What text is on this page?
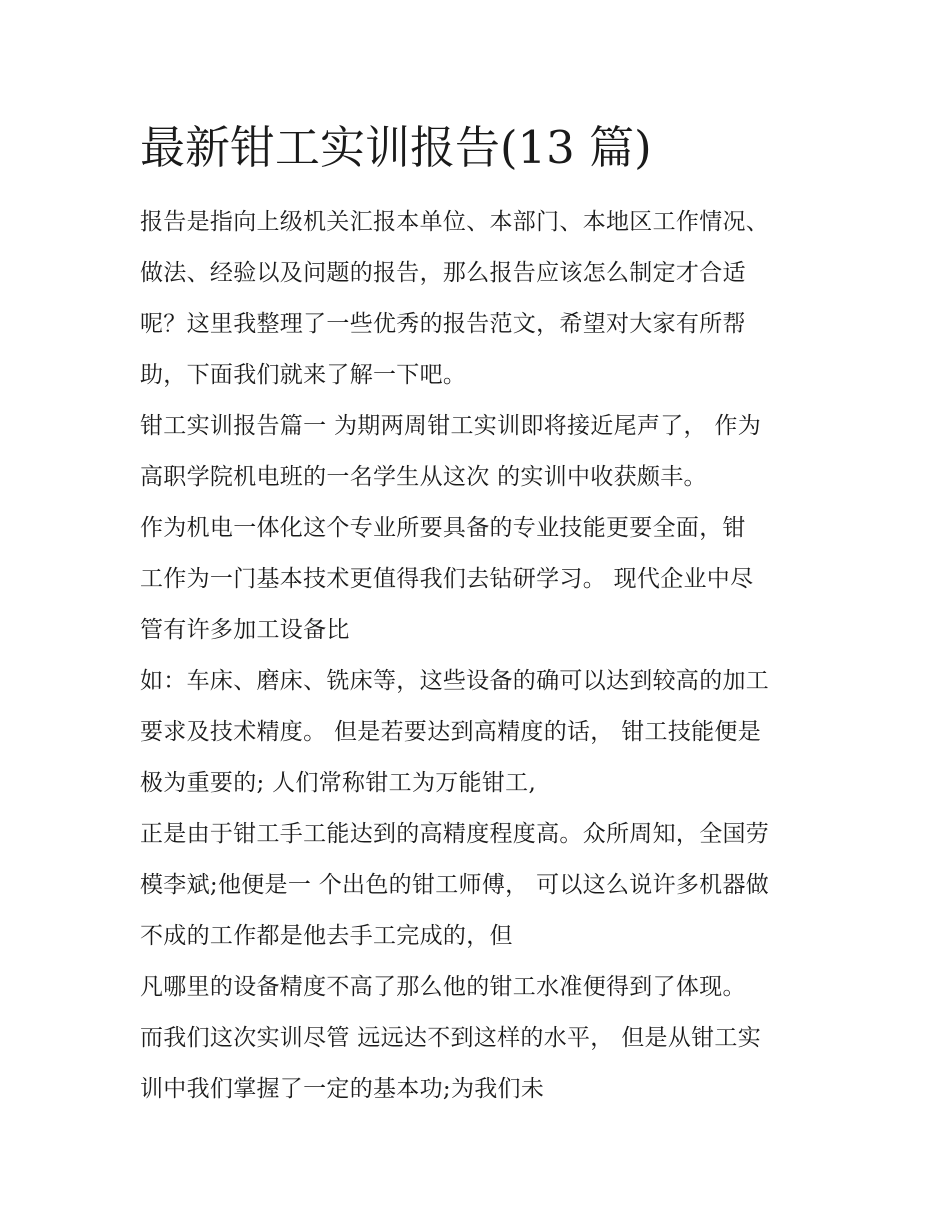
最新钳工实训报告(13 篇)
报告是指向上级机关汇报本单位、本部门、本地区工作情况、
做法、经验以及问题的报告，那么报告应该怎么制定才合适
呢？这里我整理了一些优秀的报告范文，希望对大家有所帮
助，下面我们就来了解一下吧。
钳工实训报告篇一 为期两周钳工实训即将接近尾声了， 作为
高职学院机电班的一名学生从这次 的实训中收获颇丰。
作为机电一体化这个专业所要具备的专业技能更要全面，钳
工作为一门基本技术更值得我们去钻研学习。 现代企业中尽
管有许多加工设备比
如：车床、磨床、铣床等，这些设备的确可以达到较高的加工
要求及技术精度。 但是若要达到高精度的话， 钳工技能便是
极为重要的; 人们常称钳工为万能钳工,
正是由于钳工手工能达到的高精度程度高。众所周知，全国劳
模李斌;他便是一 个出色的钳工师傅， 可以这么说许多机器做
不成的工作都是他去手工完成的，但
凡哪里的设备精度不高了那么他的钳工水准便得到了体现。
而我们这次实训尽管 远远达不到这样的水平， 但是从钳工实
训中我们掌握了一定的基本功;为我们未
